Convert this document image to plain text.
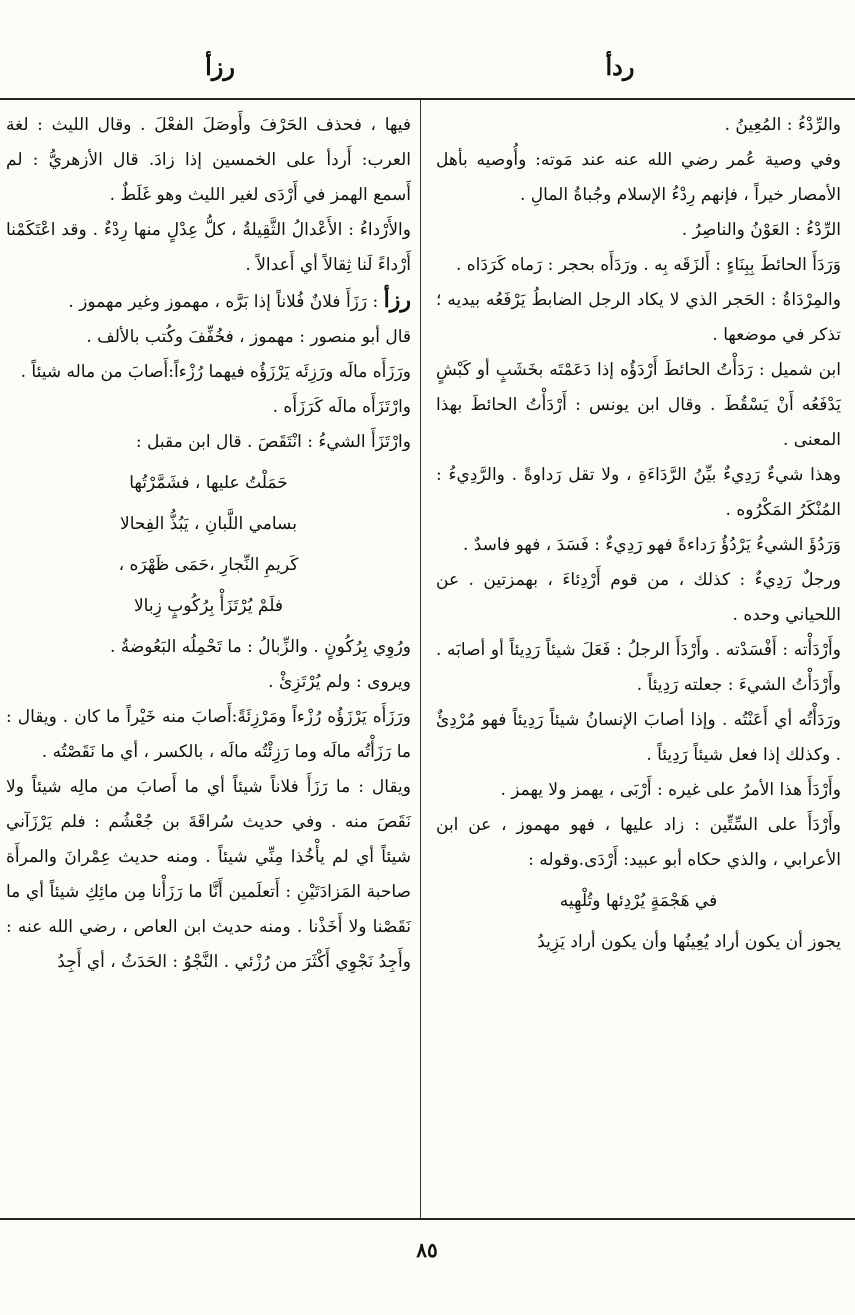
ردأ
رزأ

والرِّدْءُ : المُعِينُ .

وفي وصية عُمر رضي الله عنه عند مَوته: وأُوصيه بأهل الأمصار خيراً ، فإنهم رِدْءُ الإسلام وجُباةُ المالِ .

الرِّدْءُ : العَوْنُ والناصِرُ .

وَرَدَأَ الحائطَ بِبِنَاءٍ : أَلزَقَه بِه . ورَدَأَه بحجر : رَماه كَرَدَاه .

والمِرْدَاةُ : الحَجر الذي لا يكاد الرجل الضابطُ يَرْفَعُه بيديه ؛ تذكر في موضعها .

ابن شميل : رَدَأْتُ الحائطَ أَرْدَؤُه إذا دَعَمْتَه بخَشَبٍ أو كَبْشٍ يَدْفَعُه أَنْ يَسْقُطَ . وقال ابن يونس : أَرْدَأْتُ الحائطَ بهذا المعنى .

وهذا شيءٌ رَدِيءٌ بيِّنُ الرَّدَاءَةِ ، ولا تقل رَداوةً . والرَّدِيءُ : المُنْكَرُ المَكْرُوه .

وَرَدُؤَ الشيءُ يَرْدُؤُ رَداءةً فهو رَدِيءٌ : فَسَدَ ، فهو فاسدٌ .

ورجلٌ رَدِيءٌ : كذلك ، من قوم أَرْدِئاءَ ، بهمزتين . عن اللحياني وحده .

وأَرْدَأْته : أَفْسَدْته . وأَرْدَأَ الرجلُ : فَعَلَ شيئاً رَدِيئاً أو أصابَه . وأَرْدَأْتُ الشيءَ : جعلته رَدِيئاً .

ورَدَأْتُه أي أَعَنْتُه . وإذا أصابَ الإنسانُ شيئاً رَدِيئاً فهو مُرْدِئٌ . وكذلك إذا فعل شيئاً رَدِيئاً .

وأَرْدَأَ هذا الأمرُ على غيره : أَرْبَى ، يهمز ولا يهمز .

وأَرْدَأَ على السِّتِّين : زاد عليها ، فهو مهموز ، عن ابن الأعرابي ، والذي حكاه أبو عبيد: أَرْدَى.وقوله :

في هَجْمَةٍ يُرْدِئها وتُلْهِيه

يجوز أن يكون أراد يُعِينُها وأن يكون أراد يَزِيدُ

فيها ، فحذف الحَرْفَ وأَوصَلَ الفعْلَ . وقال الليث : لغة العرب: أَردأ على الخمسين إذا زادَ. قال الأزهريُّ : لم أَسمع الهمز في أَرْدَى لغير الليث وهو غَلَطٌ .

والأَرْداءُ : الأَعْدالُ الثَّقِيلةُ ، كلُّ عِدْلٍ منها رِدْءٌ . وقد اعْتَكَمْنا أَرْداءً لَنا ثِقالاً أي أَعدالاً .

رزأ : رَزَأَ فلانٌ فُلاناً إذا بَرَّه ، مهموز وغير مهموز .

قال أبو منصور : مهموز ، فخُفِّفَ وكُتب بالألف .

ورَزَأَه مالَه ورَزِئَه يَرْزَؤُه فيهما رُزْءاً:أَصابَ من ماله شيئاً .

وارْتَزَأَه مالَه كَرَزَأَه .

وارْتَزَأَ الشيءُ : انْتَقَصَ . قال ابن مقبل :

حَمَلْتُ عليها ، فشَمَّرْتُها

بسامي اللَّبانِ ، يَبُذُّ الفِحالا

كَريمِ النِّجارِ ،حَمَى ظَهْرَه ،

فلَمْ يُرْتَزَأْ بِرُكُوبٍ زِبالا

ورُوِي بِرُكُونٍ . والزِّبالُ : ما تَحْمِلُه البَعُوضةُ .

ويروى : ولم يُرْتَزِئْ .

ورَزَأَه يَرْزَؤُه رُزْءاً ومَرْزِئَةً:أَصابَ منه خَيْراً ما كان . ويقال : ما رَزَأْتُه مالَه وما رَزِئْتُه مالَه ، بالكسر ، أي ما نَقَصْتُه .

ويقال : ما رَزَأَ فلاناً شيئاً أي ما أَصابَ من مالِه شيئاً ولا نَقَصَ منه . وفي حديث سُراقَةَ بن جُعْشُم : فلم يَرْزَآني شيئاً أي لم يأْخُذا مِنِّي شيئاً . ومنه حديث عِمْرانَ والمرأَة صاحبة المَزادَتَيْنِ : أَتعلَمين أَنَّا ما رَزَأْنا مِن مائِكِ شيئاً أي ما نَقَصْنا ولا أَخَذْنا . ومنه حديث ابن العاص ، رضي الله عنه : وأَجِدُ نَجْوِي أَكْثَرَ من رُزْئي . النَّجْوُ : الحَدَثُ ، أي أَجِدُ

٨٥
